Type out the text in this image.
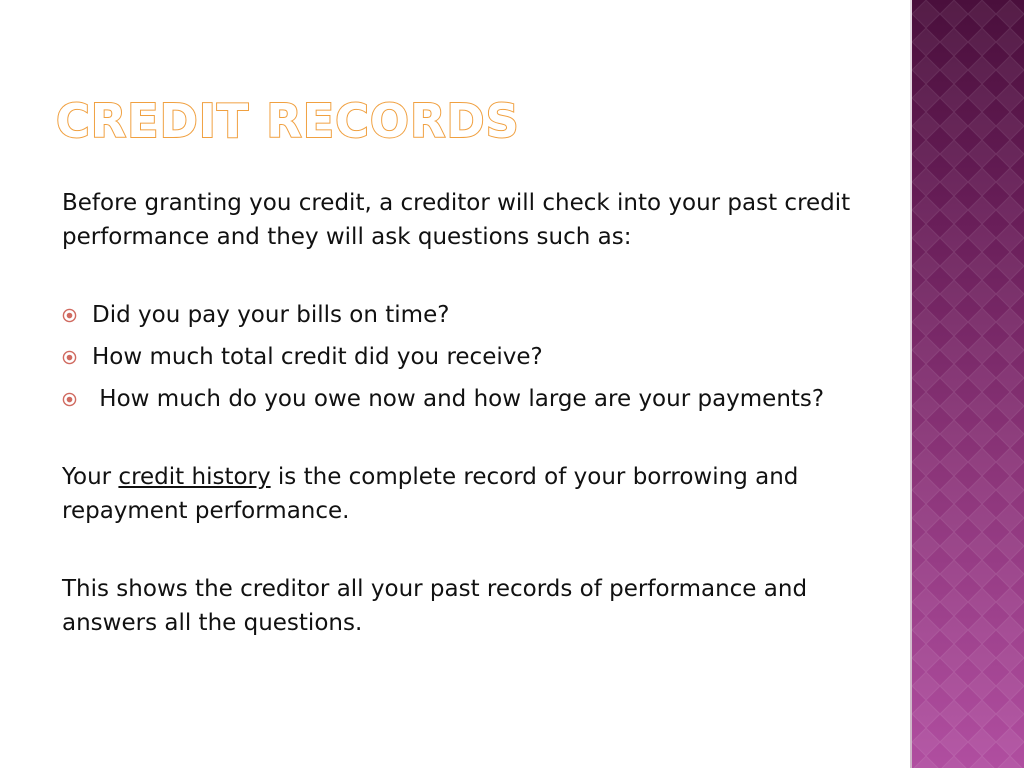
CREDIT RECORDS

Before granting you credit, a creditor will check into your past credit performance and they will ask questions such as:

Did you pay your bills on time?
How much total credit did you receive?
How much do you owe now and how large are your payments?

Your credit history is the complete record of your borrowing and repayment performance.

This shows the creditor all your past records of performance and answers all the questions.
